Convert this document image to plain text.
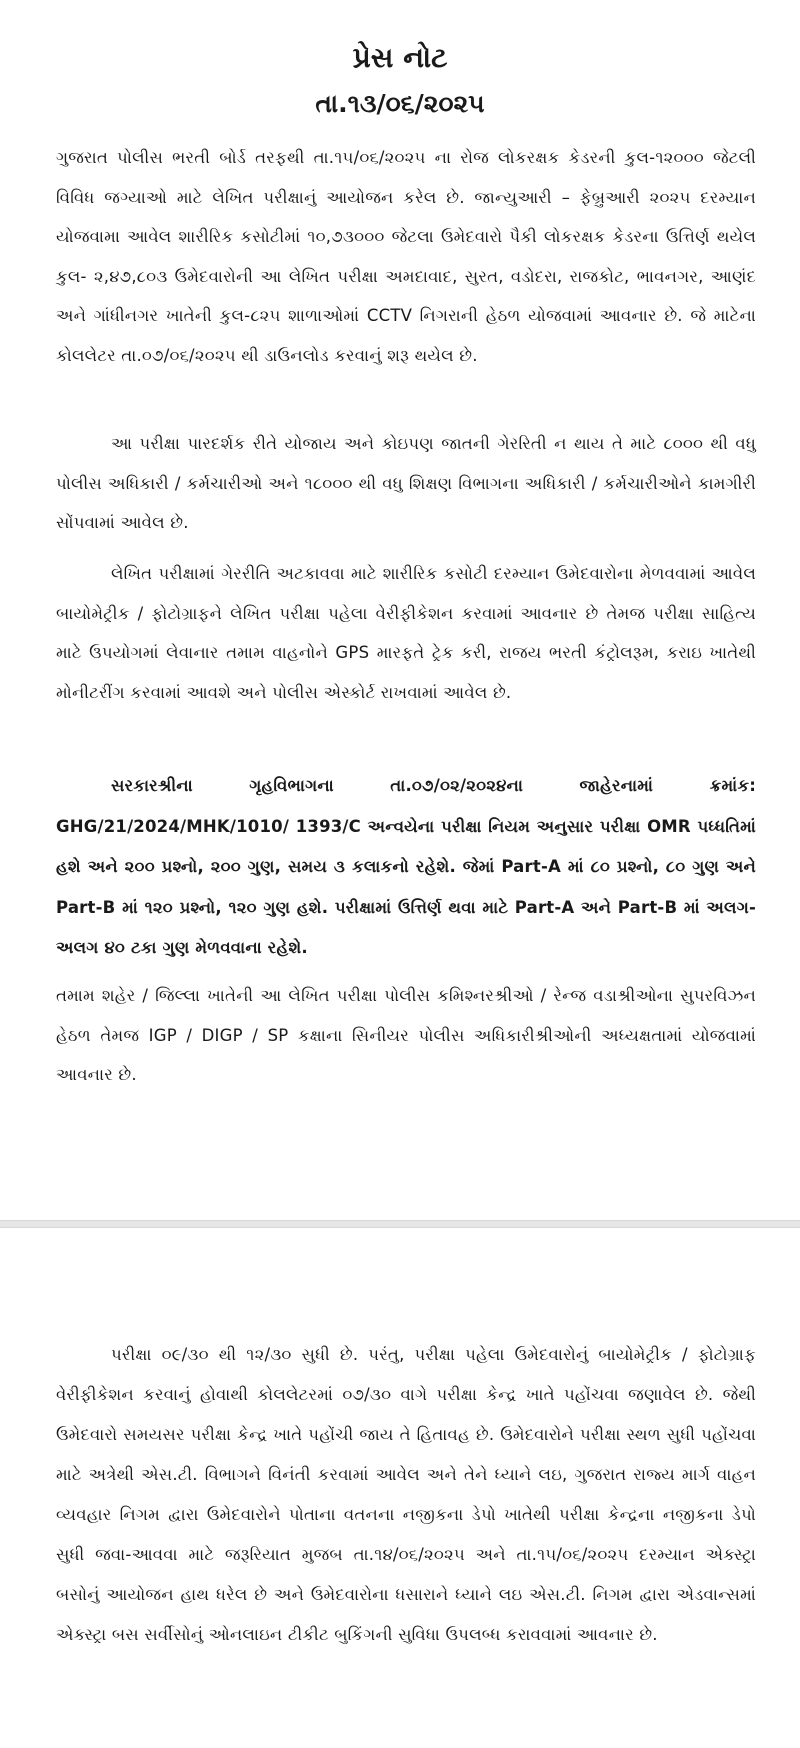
પ્રેસ નોટ
તા.૧૩/૦૬/૨૦૨૫

ગુજરાત પોલીસ ભરતી બોર્ડ તરફથી તા.૧૫/૦૬/૨૦૨૫ ના રોજ લોકરક્ષક કેડરની કુલ-૧૨૦૦૦ જેટલી વિવિધ જગ્યાઓ માટે લેખિત પરીક્ષાનું આયોજન કરેલ છે. જાન્યુઆરી – ફેબ્રુઆરી ૨૦૨૫ દરમ્યાન યોજવામા આવેલ શારીરિક કસોટીમાં ૧૦,૭૩૦૦૦ જેટલા ઉમેદવારો પૈકી લોકરક્ષક કેડરના ઉત્તિર્ણ થયેલ કુલ- ૨,૪૭,૮૦૩ ઉમેદવારોની આ લેખિત પરીક્ષા અમદાવાદ, સુરત, વડોદરા, રાજકોટ, ભાવનગર, આણંદ અને ગાંધીનગર ખાતેની કુલ-૮૨૫ શાળાઓમાં CCTV નિગરાની હેઠળ યોજવામાં આવનાર છે. જે માટેના કોલલેટર તા.૦૭/૦૬/૨૦૨૫ થી ડાઉનલોડ કરવાનું શરૂ થયેલ છે.

આ પરીક્ષા પારદર્શક રીતે યોજાય અને કોઇપણ જાતની ગેરરિતી ન થાય તે માટે ૮૦૦૦ થી વધુ પોલીસ અધિકારી / કર્મચારીઓ અને ૧૮૦૦૦ થી વધુ શિક્ષણ વિભાગના અધિકારી / કર્મચારીઓને કામગીરી સોંપવામાં આવેલ છે.

લેખિત પરીક્ષામાં ગેરરીતિ અટકાવવા માટે શારીરિક કસોટી દરમ્યાન ઉમેદવારોના મેળવવામાં આવેલ બાયોમેટ્રીક / ફોટોગ્રાફને લેખિત પરીક્ષા પહેલા વેરીફીકેશન કરવામાં આવનાર છે તેમજ પરીક્ષા સાહિત્ય માટે ઉપયોગમાં લેવાનાર તમામ વાહનોને GPS મારફતે ટ્રેક કરી, રાજય ભરતી કંટ્રોલરૂમ, કરાઇ ખાતેથી મોનીટરીંગ કરવામાં આવશે અને પોલીસ એસ્કોર્ટ રાખવામાં આવેલ છે.

સરકારશ્રીના ગૃહવિભાગના તા.૦૭/૦૨/૨૦૨૪ના જાહેરનામાં ક્રમાંક: GHG/21/2024/MHK/1010/ 1393/C અન્વયેના પરીક્ષા નિયમ અનુસાર પરીક્ષા OMR પધ્ધતિમાં હશે અને ૨૦૦ પ્રશ્નો, ૨૦૦ ગુણ, સમય ૩ કલાકનો રહેશે. જેમાં Part-A માં ૮૦ પ્રશ્નો, ૮૦ ગુણ અને Part-B માં ૧૨૦ પ્રશ્નો, ૧૨૦ ગુણ હશે. પરીક્ષામાં ઉત્તિર્ણ થવા માટે Part-A અને Part-B માં અલગ-અલગ ૪૦ ટકા ગુણ મેળવવાના રહેશે.

તમામ શહેર / જિલ્લા ખાતેની આ લેખિત પરીક્ષા પોલીસ કમિશ્નરશ્રીઓ / રેન્જ વડાશ્રીઓના સુપરવિઝન હેઠળ તેમજ IGP / DIGP / SP કક્ષાના સિનીયર પોલીસ અધિકારીશ્રીઓની અધ્યક્ષતામાં યોજવામાં આવનાર છે.

પરીક્ષા ૦૯/૩૦ થી ૧૨/૩૦ સુધી છે. પરંતુ, પરીક્ષા પહેલા ઉમેદવારોનું બાયોમેટ્રીક / ફોટોગ્રાફ વેરીફીકેશન કરવાનું હોવાથી કોલલેટરમાં ૦૭/૩૦ વાગે પરીક્ષા કેન્દ્ર ખાતે પહોંચવા જણાવેલ છે. જેથી ઉમેદવારો સમયસર પરીક્ષા કેન્દ્ર ખાતે પહોંચી જાય તે હિતાવહ છે. ઉમેદવારોને પરીક્ષા સ્થળ સુધી પહોંચવા માટે અત્રેથી એસ.ટી. વિભાગને વિનંતી કરવામાં આવેલ અને તેને ધ્યાને લઇ, ગુજરાત રાજ્ય માર્ગ વાહન વ્યવહાર નિગમ દ્વારા ઉમેદવારોને પોતાના વતનના નજીકના ડેપો ખાતેથી પરીક્ષા કેન્દ્રના નજીકના ડેપો સુધી જવા-આવવા માટે જરૂરિયાત મુજબ તા.૧૪/૦૬/૨૦૨૫ અને તા.૧૫/૦૬/૨૦૨૫ દરમ્યાન એક્સ્ટ્રા બસોનું આયોજન હાથ ધરેલ છે અને ઉમેદવારોના ધસારાને ધ્યાને લઇ એસ.ટી. નિગમ દ્વારા એડવાન્સમાં એક્સ્ટ્રા બસ સર્વીસોનું ઓનલાઇન ટીકીટ બુકિંગની સુવિધા ઉપલબ્ધ કરાવવામાં આવનાર છે.
